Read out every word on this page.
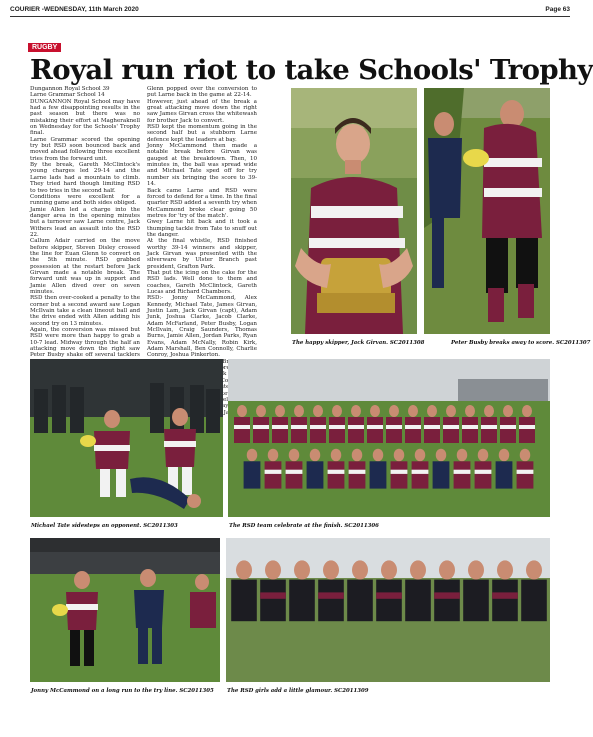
COURIER -WEDNESDAY, 11th March 2020	Page 63
RUGBY
Royal run riot to take Schools' Trophy

Dungannon Royal School 39

Larne Grammar School 14

DUNGANNON Royal School may have had a few disappointing results in the past season but there was no mistaking their effort at Magheraknell on Wednesday for the Schools' Trophy final.

Larne Grammar scored the opening try but RSD soon bounced back and moved ahead following three excellent tries from the forward unit.

By the break, Gareth McClintock's young charges led 29-14 and the Larne lads had a mountain to climb. They tried hard though limiting RSD to two tries in the second half.

Conditions were excellent for a running game and both sides obliged.

Jamie Allen led a charge into the danger area in the opening minutes but a turnover saw Larne centre, Jack Withers lead an assault into the RSD 22.

Callum Adair carried on the move before skipper, Steven Disley crossed the line for Euan Glenn to convert on the 5th minute. RSD grabbed possession at the restart before Jack Girvan made a notable break. The forward unit was up in support and Jamie Allen dived over on seven minutes.

RSD then over-cooked a penalty to the corner but a second award saw Logan McIlvain take a clean lineout ball and the drive ended with Allen adding his second try on 13 minutes.

Again, the conversion was missed but RSD were more than happy to grab a 10-7 lead. Midway through the half an attacking move down the right saw Peter Busby shake off several tacklers

Glenn popped over the conversion to put Larne back in the game at 22-14.

However, just ahead of the break a great attacking move down the right saw James Girvan cross the whitewash for brother Jack to convert.

RSD kept the momentum going in the second half but a stubborn Larne defence kept the leaders at bay.

Jonny McCammond then made a notable break before Girvan was gauged at the breakdown. Then, 10 minutes in, the ball was spread wide and Michael Tate sped off for try number six bringing the score to 39-14.

Back came Larne and RSD were forced to defend for a time. In the final quarter RSD added a seventh try when McCammond broke clear going 50 metres for 'try of the match'.

Gwey Larne hit back and it took a thumping tackle from Tate to snuff out the danger.

At the final whistle, RSD finished worthy 39-14 winners and skipper, Jack Girvan was presented with the silverware by Ulster Branch past president, Grafton Park.

That put the icing on the cake for the RSD lads. Well done to them and coaches, Gareth McClintock, Gareth Lucas and Richard Chambers.

RSD:- Jonny McCammond, Alex Kennedy, Michael Tate, James Girvan, Justin Lam, Jack Girvan (capt), Adam Junk, Joshua Clarke, Jacob Clarke, Adam McFarland, Peter Busby, Logan McIlvain, Craig Saunders, Thomas Burns, Jamie Allen, Jordan Parks, Ryan Evans, Adam McNally, Robin Kirk, Adam Marshall, Ben Connolly, Charlie Conroy, Joshua Pinkerton.

Steven Jay

The happy skipper, Jack Girvan. SC2011308	Peter Busby breaks away to score. SC2011307
Michael Tate sidesteps an opponent. SC2011303	The RSD team celebrate at the finish. SC2011306
Jonny McCammond on a long run to the try line. SC2011305 The RSD girls add a little glamour. SC2011309
